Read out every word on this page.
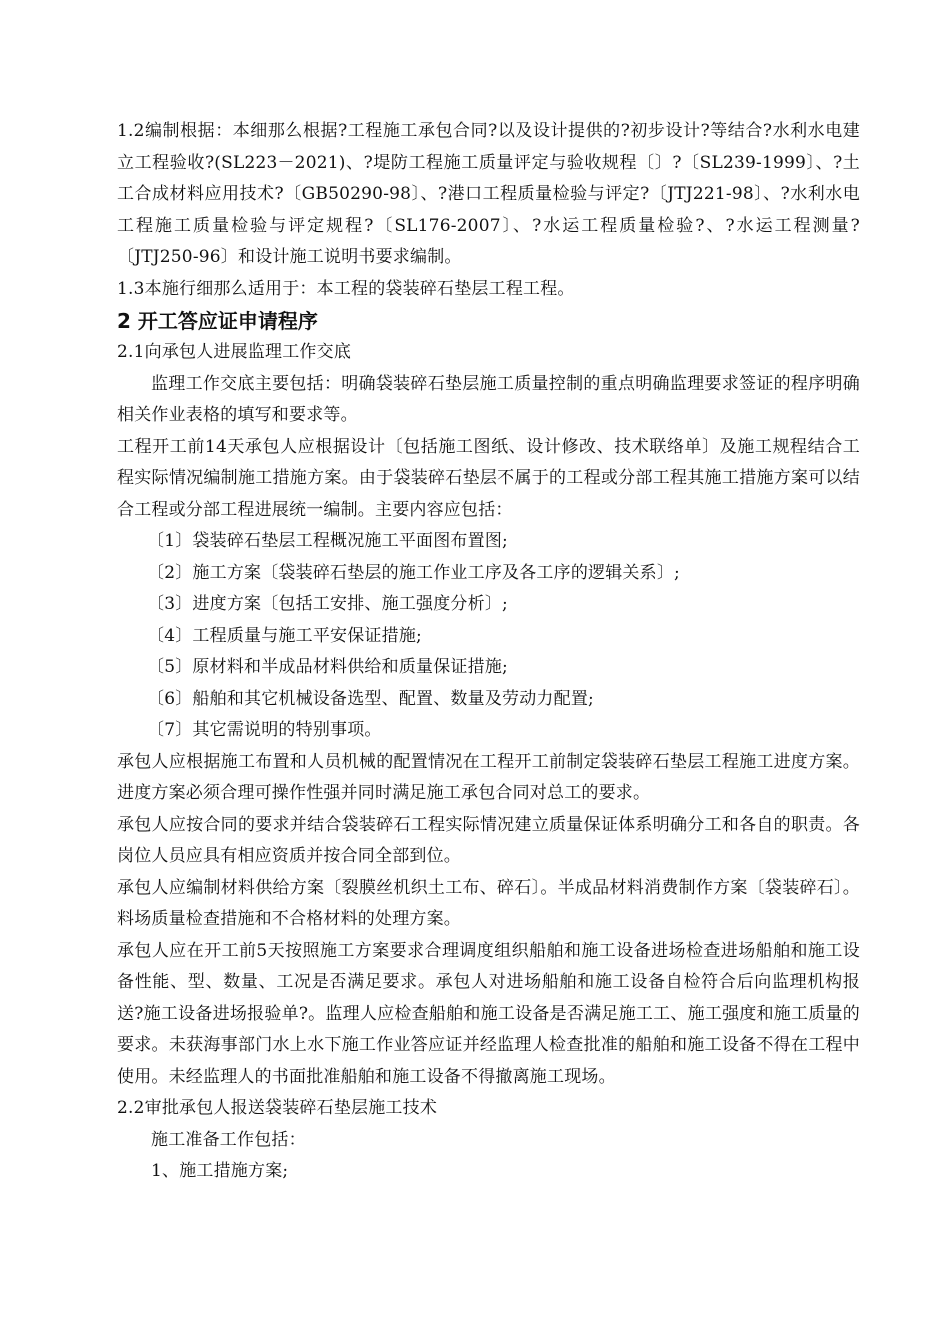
1.2编制根据：本细那么根据?工程施工承包合同?以及设计提供的?初步设计?等结合?水利水电建立工程验收?(SL223－2021)、?堤防工程施工质量评定与验收规程〔〕?〔SL239-1999〕、?土工合成材料应用技术?〔GB50290-98〕、?港口工程质量检验与评定?〔JTJ221-98〕、?水利水电工程施工质量检验与评定规程?〔SL176-2007〕、?水运工程质量检验?、?水运工程测量?〔JTJ250-96〕和设计施工说明书要求编制。

1.3本施行细那么适用于：本工程的袋装碎石垫层工程工程。

2 开工答应证申请程序

2.1向承包人进展监理工作交底

监理工作交底主要包括：明确袋装碎石垫层施工质量控制的重点明确监理要求签证的程序明确相关作业表格的填写和要求等。

工程开工前14天承包人应根据设计〔包括施工图纸、设计修改、技术联络单〕及施工规程结合工程实际情况编制施工措施方案。由于袋装碎石垫层不属于的工程或分部工程其施工措施方案可以结合工程或分部工程进展统一编制。主要内容应包括：

〔1〕袋装碎石垫层工程概况施工平面图布置图;

〔2〕施工方案〔袋装碎石垫层的施工作业工序及各工序的逻辑关系〕;

〔3〕进度方案〔包括工安排、施工强度分析〕;

〔4〕工程质量与施工平安保证措施;

〔5〕原材料和半成品材料供给和质量保证措施;

〔6〕船舶和其它机械设备选型、配置、数量及劳动力配置;

〔7〕其它需说明的特别事项。

承包人应根据施工布置和人员机械的配置情况在工程开工前制定袋装碎石垫层工程施工进度方案。进度方案必须合理可操作性强并同时满足施工承包合同对总工的要求。

承包人应按合同的要求并结合袋装碎石工程实际情况建立质量保证体系明确分工和各自的职责。各岗位人员应具有相应资质并按合同全部到位。

承包人应编制材料供给方案〔裂膜丝机织土工布、碎石〕。半成品材料消费制作方案〔袋装碎石〕。料场质量检查措施和不合格材料的处理方案。

承包人应在开工前5天按照施工方案要求合理调度组织船舶和施工设备进场检查进场船舶和施工设备性能、型、数量、工况是否满足要求。承包人对进场船舶和施工设备自检符合后向监理机构报送?施工设备进场报验单?。监理人应检查船舶和施工设备是否满足施工工、施工强度和施工质量的要求。未获海事部门水上水下施工作业答应证并经监理人检查批准的船舶和施工设备不得在工程中使用。未经监理人的书面批准船舶和施工设备不得撤离施工现场。

2.2审批承包人报送袋装碎石垫层施工技术

施工准备工作包括：

1、施工措施方案;
